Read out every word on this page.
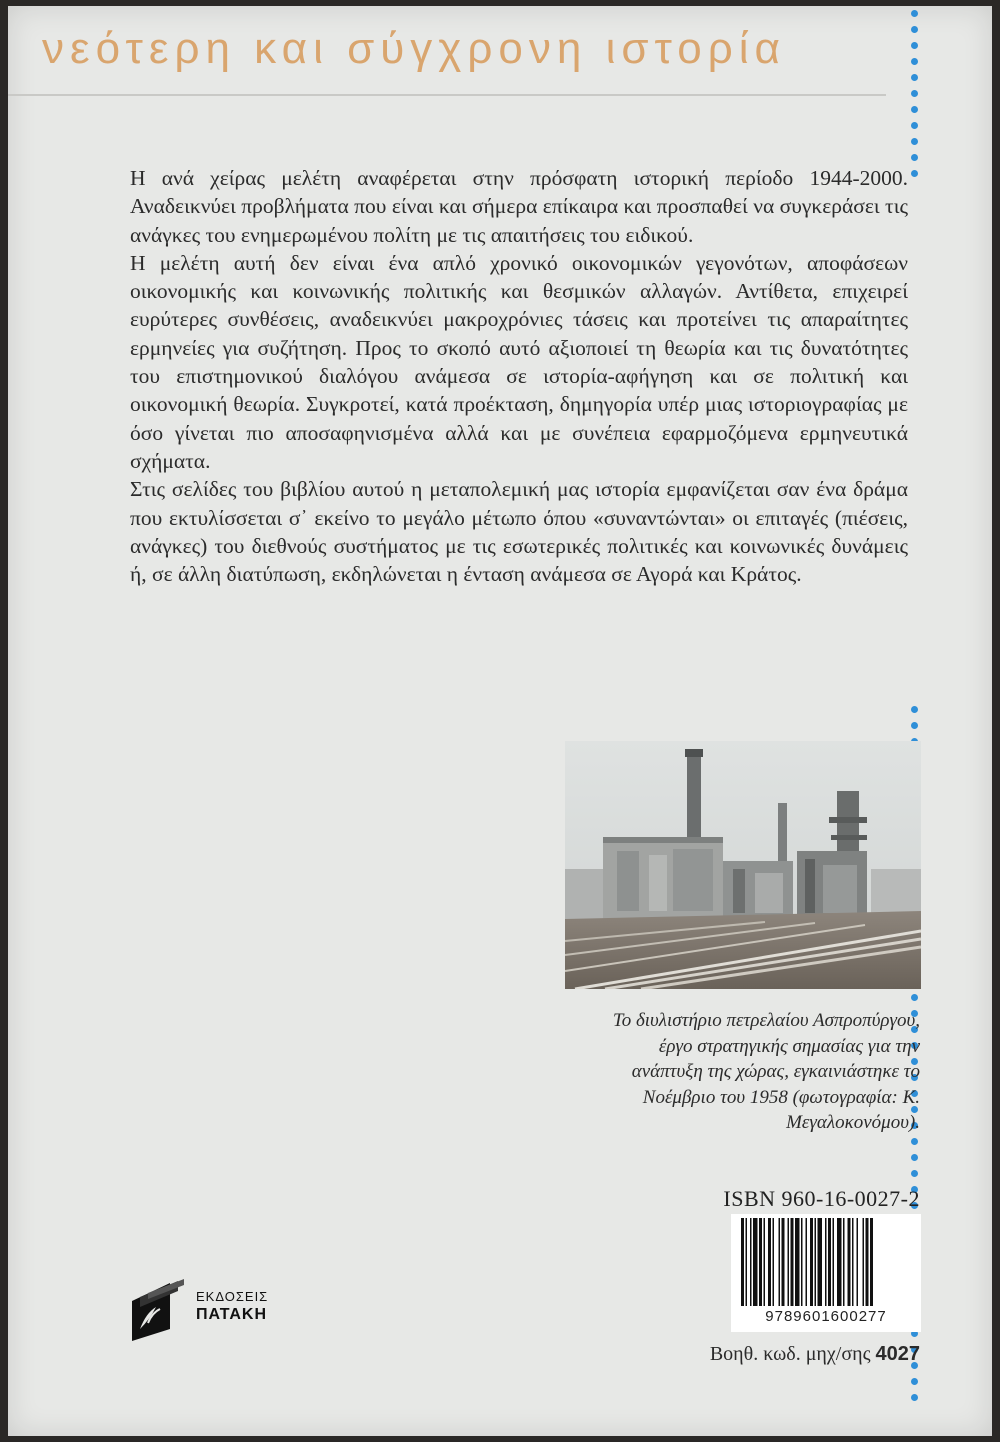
νεότερη και σύγχρονη ιστορία

Η ανά χείρας μελέτη αναφέρεται στην πρόσφατη ιστορική περίοδο 1944-2000. Αναδεικνύει προβλήματα που είναι και σήμερα επίκαιρα και προσπαθεί να συγκεράσει τις ανάγκες του ενημερωμένου πολίτη με τις απαιτήσεις του ειδικού.

Η μελέτη αυτή δεν είναι ένα απλό χρονικό οικονομικών γεγονότων, αποφάσεων οικονομικής και κοινωνικής πολιτικής και θεσμικών αλλαγών. Αντίθετα, επιχειρεί ευρύτερες συνθέσεις, αναδεικνύει μακροχρόνιες τάσεις και προτείνει τις απαραίτητες ερμηνείες για συζήτηση. Προς το σκοπό αυτό αξιοποιεί τη θεωρία και τις δυνατότητες του επιστημονικού διαλόγου ανάμεσα σε ιστορία-αφήγηση και σε πολιτική και οικονομική θεωρία. Συγκροτεί, κατά προέκταση, δημηγορία υπέρ μιας ιστοριογραφίας με όσο γίνεται πιο αποσαφηνισμένα αλλά και με συνέπεια εφαρμοζόμενα ερμηνευτικά σχήματα.

Στις σελίδες του βιβλίου αυτού η μεταπολεμική μας ιστορία εμφανίζεται σαν ένα δράμα που εκτυλίσσεται σ᾿ εκείνο το μεγάλο μέτωπο όπου «συναντώνται» οι επιταγές (πιέσεις, ανάγκες) του διεθνούς συστήματος με τις εσωτερικές πολιτικές και κοινωνικές δυνάμεις ή, σε άλλη διατύπωση, εκδηλώνεται η ένταση ανάμεσα σε Αγορά και Κράτος.

Το διυλιστήριο πετρελαίου Ασπροπύργου, έργο στρατηγικής σημασίας για την ανάπτυξη της χώρας, εγκαινιάστηκε το Νοέμβριο του 1958 (φωτογραφία: Κ. Μεγαλοκονόμου).
ISBN 960-16-0027-2
9789601600277
Βοηθ. κωδ. μηχ/σης 4027
ΕΚΔΟΣΕΙΣ
ΠΑΤΑΚΗ
